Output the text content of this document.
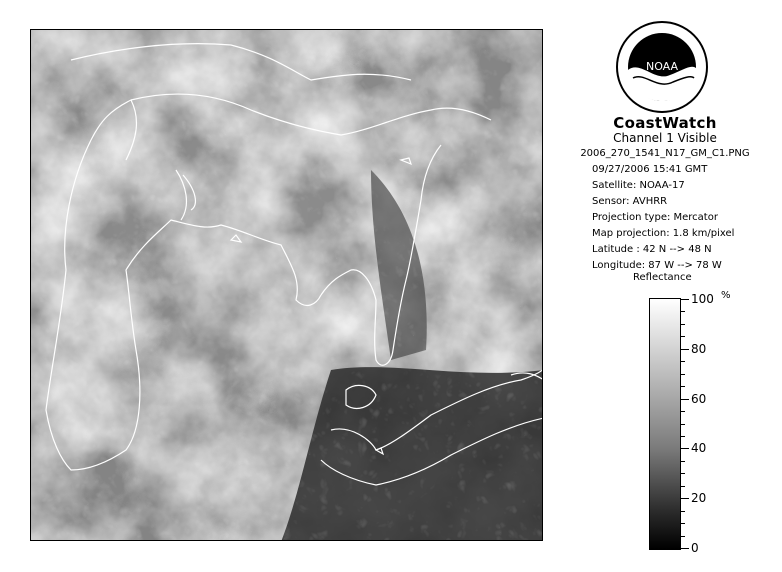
NOAA
CoastWatch
Channel 1 Visible
2006_270_1541_N17_GM_C1.PNG
09/27/2006 15:41 GMT
Satellite: NOAA-17
Sensor: AVHRR
Projection type: Mercator
Map projection: 1.8 km/pixel
Latitude : 42 N --> 48 N
Longitude: 87 W --> 78 W
Reflectance
%
100
80
60
40
20
0
